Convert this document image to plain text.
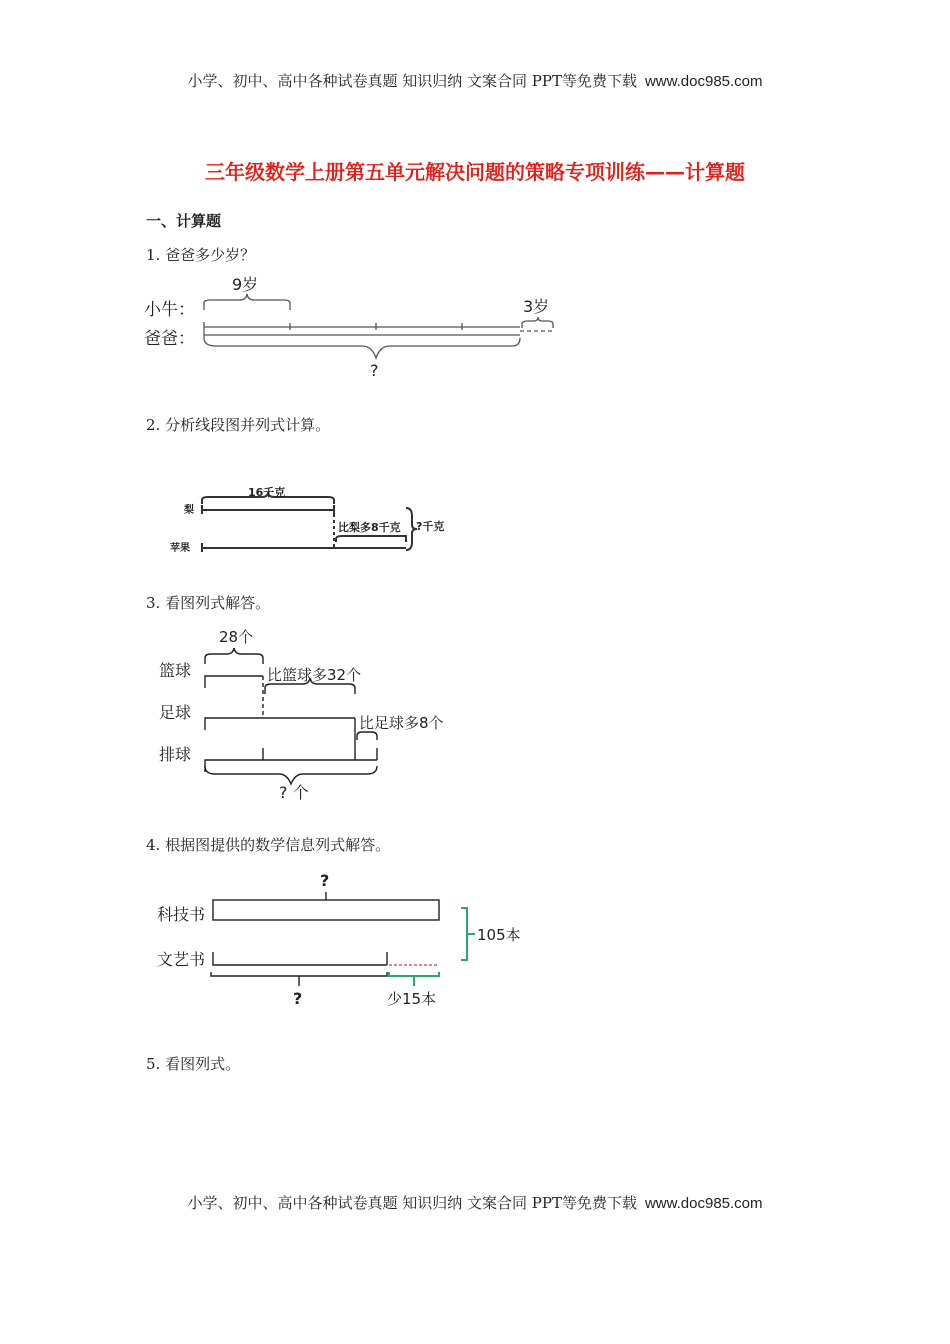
小学、初中、高中各种试卷真题 知识归纳 文案合同 PPT等免费下载 www.doc985.com
三年级数学上册第五单元解决问题的策略专项训练——计算题
一、计算题
1. 爸爸多少岁？
小牛：
爸爸：
9岁
3岁
?
2. 分析线段图并列式计算。
梨
苹果
16千克
比梨多8千克 ?千克
3. 看图列式解答。
篮球
足球
排球
28个
比篮球多32个
比足球多8个
? 个
4. 根据图提供的数学信息列式解答。
科技书
文艺书
?
105本
?	少15本
5. 看图列式。
小学、初中、高中各种试卷真题 知识归纳 文案合同 PPT等免费下载 www.doc985.com
